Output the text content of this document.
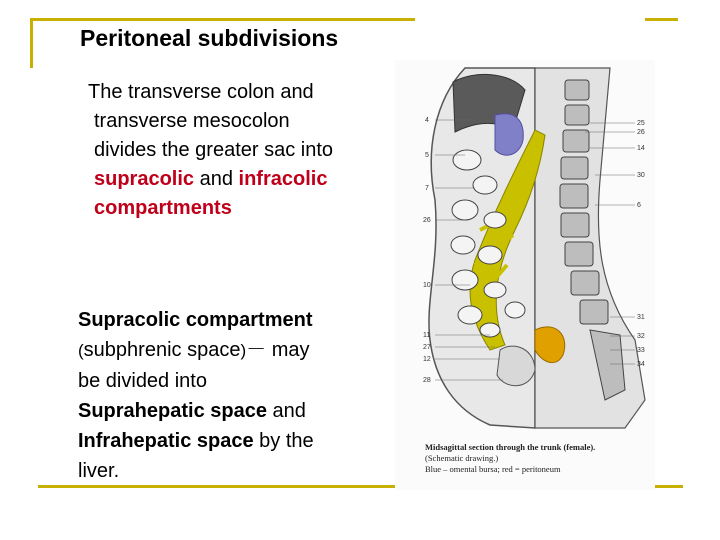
Peritoneal subdivisions
The transverse colon and
transverse mesocolon
divides the greater sac into
supracolic and infracolic
compartments
Supracolic compartment
(subphrenic space)－ may
be divided into
Suprahepatic space and
Infrahepatic space by the
liver.
4
5
7
26
10
11
27
12
28
25
26
14
30
6
31
32
33
34
Midsagittal section through the trunk (female).
(Schematic drawing.)
Blue – omental bursa; red = peritoneum
